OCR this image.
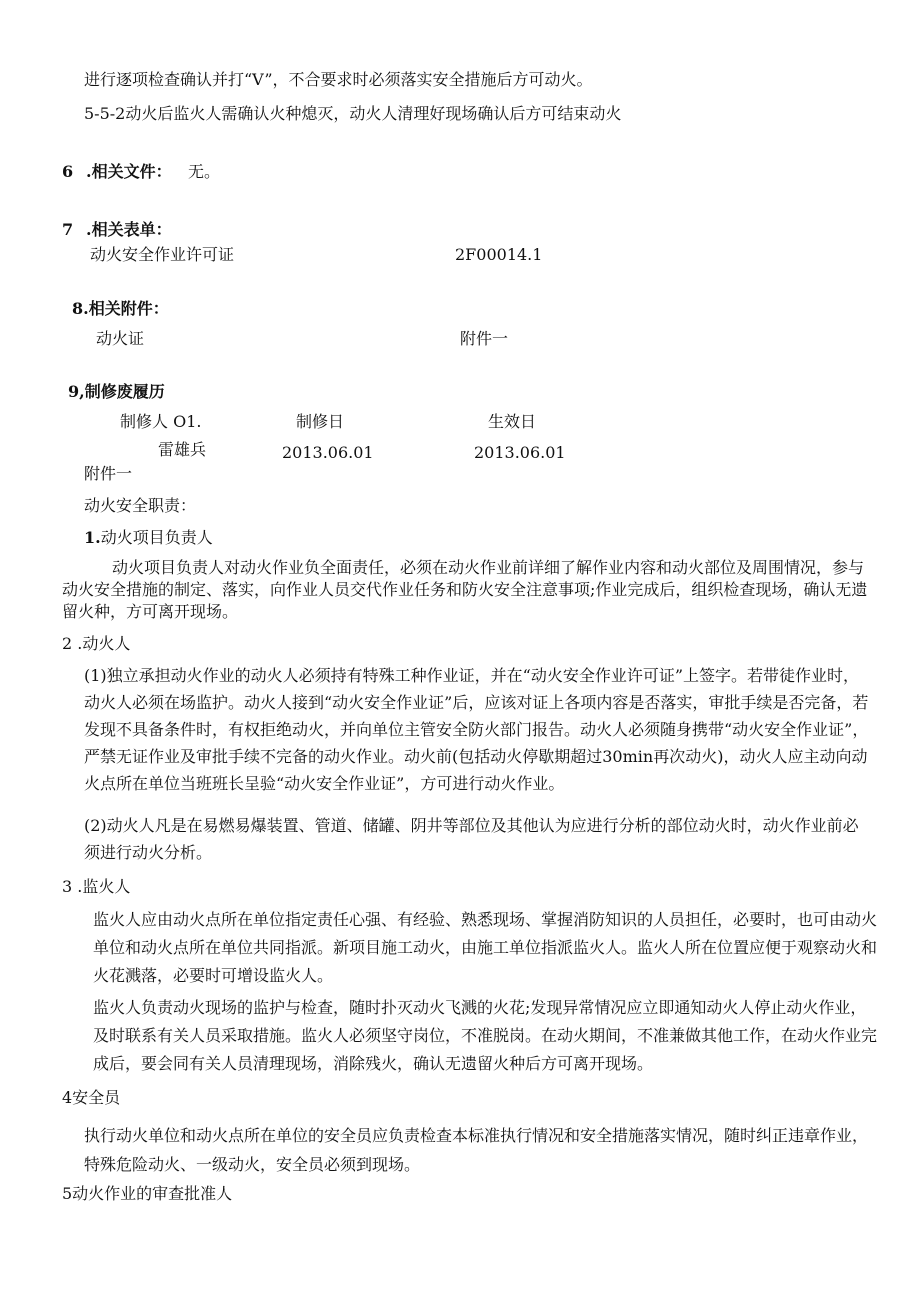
进行逐项检查确认并打“V”，不合要求时必须落实安全措施后方可动火。
5-5-2动火后监火人需确认火种熄灭，动火人清理好现场确认后方可结束动火
6 .相关文件： 无。
7 .相关表单：
动火安全作业许可证	2F00014.1
8.相关附件：
动火证	附件一
9,制修废履历
制修人 O1.	制修日	生效日
雷雄兵	2013.06.01	2013.06.01
附件一
动火安全职责：
1.动火项目负责人
动火项目负责人对动火作业负全面责任，必须在动火作业前详细了解作业内容和动火部位及周围情况，参与动火安全措施的制定、落实，向作业人员交代作业任务和防火安全注意事项;作业完成后，组织检查现场，确认无遗留火种，方可离开现场。
2 .动火人
(1)独立承担动火作业的动火人必须持有特殊工种作业证，并在“动火安全作业许可证”上签字。若带徒作业时，动火人必须在场监护。动火人接到“动火安全作业证”后，应该对证上各项内容是否落实，审批手续是否完备，若发现不具备条件时，有权拒绝动火，并向单位主管安全防火部门报告。动火人必须随身携带“动火安全作业证”，严禁无证作业及审批手续不完备的动火作业。动火前(包括动火停歇期超过30min再次动火)，动火人应主动向动火点所在单位当班班长呈验“动火安全作业证”，方可进行动火作业。
(2)动火人凡是在易燃易爆装置、管道、储罐、阴井等部位及其他认为应进行分析的部位动火时，动火作业前必须进行动火分析。
3 .监火人
监火人应由动火点所在单位指定责任心强、有经验、熟悉现场、掌握消防知识的人员担任，必要时，也可由动火单位和动火点所在单位共同指派。新项目施工动火，由施工单位指派监火人。监火人所在位置应便于观察动火和火花溅落，必要时可增设监火人。
监火人负责动火现场的监护与检查，随时扑灭动火飞溅的火花;发现异常情况应立即通知动火人停止动火作业，及时联系有关人员采取措施。监火人必须坚守岗位，不准脱岗。在动火期间，不准兼做其他工作，在动火作业完成后，要会同有关人员清理现场，消除残火，确认无遗留火种后方可离开现场。
4安全员
执行动火单位和动火点所在单位的安全员应负责检查本标准执行情况和安全措施落实情况，随时纠正违章作业，特殊危险动火、一级动火，安全员必须到现场。
5动火作业的审查批准人
